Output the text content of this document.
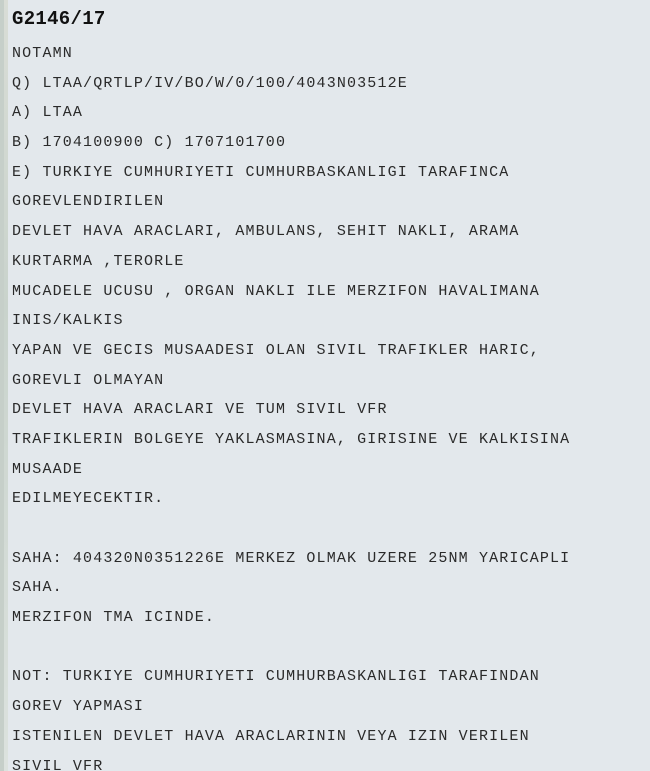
G2146/17
NOTAMN
Q) LTAA/QRTLP/IV/BO/W/0/100/4043N03512E
A) LTAA
B) 1704100900 C) 1707101700
E) TURKIYE CUMHURIYETI CUMHURBASKANLIGI TARAFINCA
GOREVLENDIRILEN
DEVLET HAVA ARACLARI, AMBULANS, SEHIT NAKLI, ARAMA
KURTARMA ,TERORLE
MUCADELE UCUSU , ORGAN NAKLI ILE MERZIFON HAVALIMANA
INIS/KALKIS
YAPAN VE GECIS MUSAADESI OLAN SIVIL TRAFIKLER HARIC,
GOREVLI OLMAYAN
DEVLET HAVA ARACLARI VE TUM SIVIL VFR
TRAFIKLERIN BOLGEYE YAKLASMASINA, GIRISINE VE KALKISINA
MUSAADE
EDILMEYECEKTIR.
SAHA: 404320N0351226E MERKEZ OLMAK UZERE 25NM YARICAPLI
SAHA.
MERZIFON TMA ICINDE.
NOT: TURKIYE CUMHURIYETI CUMHURBASKANLIGI TARAFINDAN
GOREV YAPMASI
ISTENILEN DEVLET HAVA ARACLARININ VEYA IZIN VERILEN
SIVIL VFR
